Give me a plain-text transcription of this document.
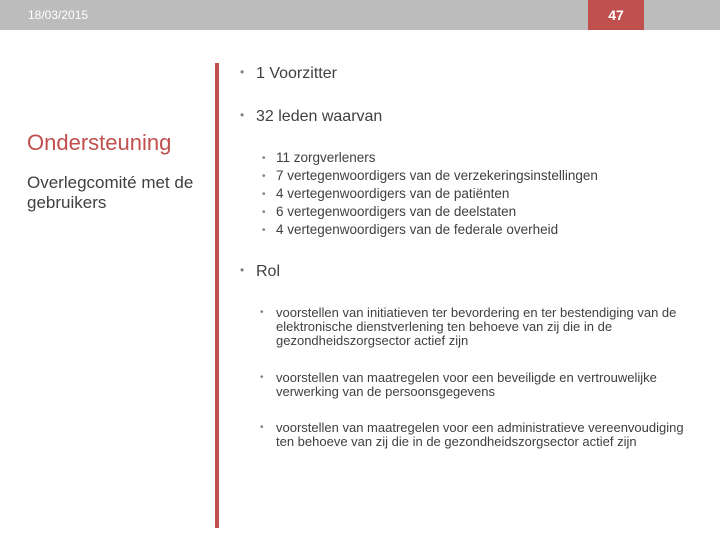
18/03/2015	47
Ondersteuning
Overlegcomité met de gebruikers
• 1 Voorzitter
• 32 leden waarvan
• 11 zorgverleners
• 7 vertegenwoordigers van de verzekeringsinstellingen
• 4 vertegenwoordigers van de patiënten
• 6 vertegenwoordigers van de deelstaten
• 4 vertegenwoordigers van de federale overheid
• Rol
• voorstellen van initiatieven ter bevordering en ter bestendiging van de elektronische dienstverlening ten behoeve van zij die in de gezondheidszorgsector actief zijn
• voorstellen van maatregelen voor een beveiligde en vertrouwelijke verwerking van de persoonsgegevens
• voorstellen van maatregelen voor een administratieve vereenvoudiging ten behoeve van zij die in de gezondheidszorgsector actief zijn
